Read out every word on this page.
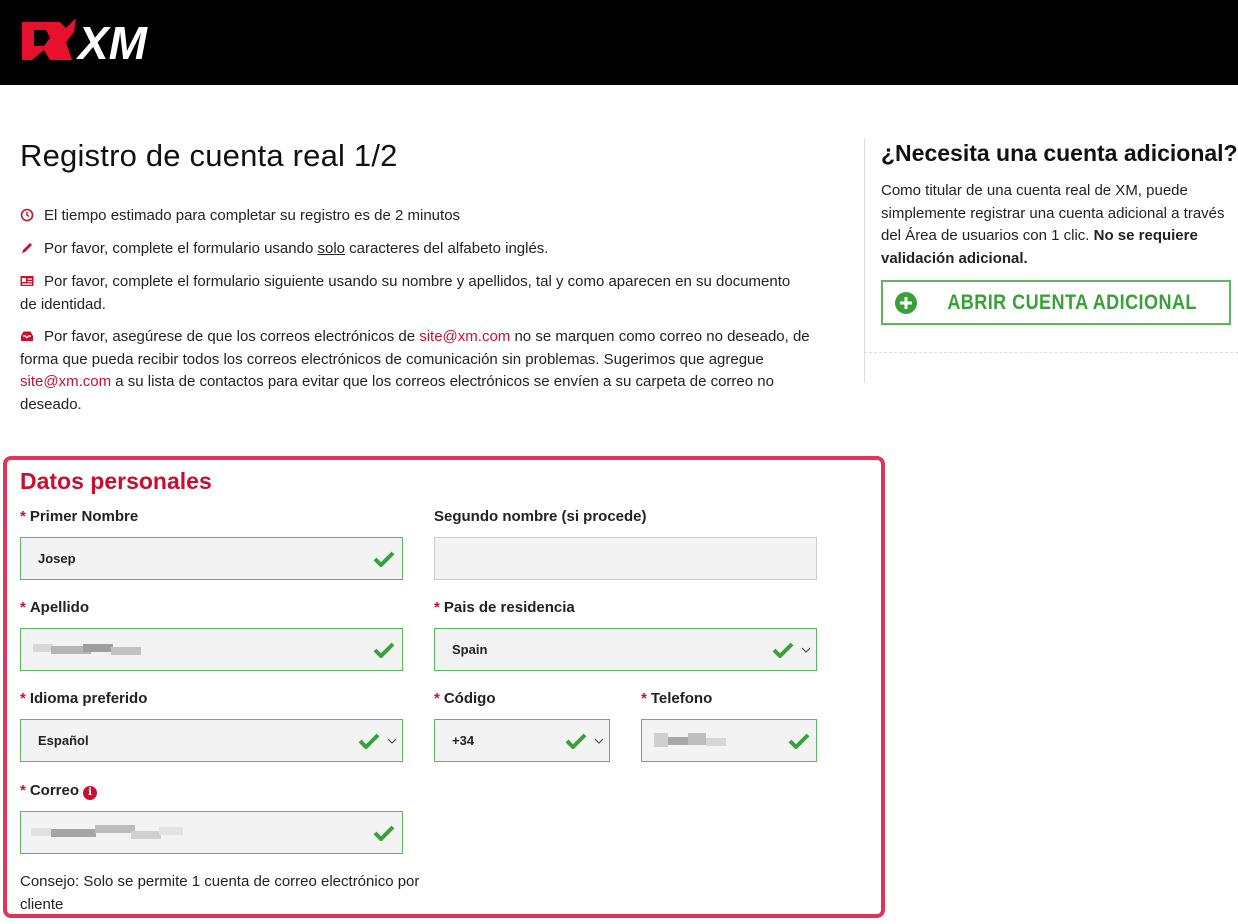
XM
Registro de cuenta real 1/2
El tiempo estimado para completar su registro es de 2 minutos
Por favor, complete el formulario usando solo caracteres del alfabeto inglés.
Por favor, complete el formulario siguiente usando su nombre y apellidos, tal y como aparecen en su documento de identidad.
Por favor, asegúrese de que los correos electrónicos de site@xm.com no se marquen como correo no deseado, de forma que pueda recibir todos los correos electrónicos de comunicación sin problemas. Sugerimos que agregue site@xm.com a su lista de contactos para evitar que los correos electrónicos se envíen a su carpeta de correo no deseado.
¿Necesita una cuenta adicional?

Como titular de una cuenta real de XM, puede simplemente registrar una cuenta adicional a través del Área de usuarios con 1 clic. No se requiere validación adicional.

ABRIR CUENTA ADICIONAL
Datos personales
* Primer Nombre
Josep
Segundo nombre (si procede)
* Apellido	* Pais de residencia
Spain
* Idioma preferido
Español
* Código
+34
* Telefono
* Correo i

Consejo: Solo se permite 1 cuenta de correo electrónico por cliente
